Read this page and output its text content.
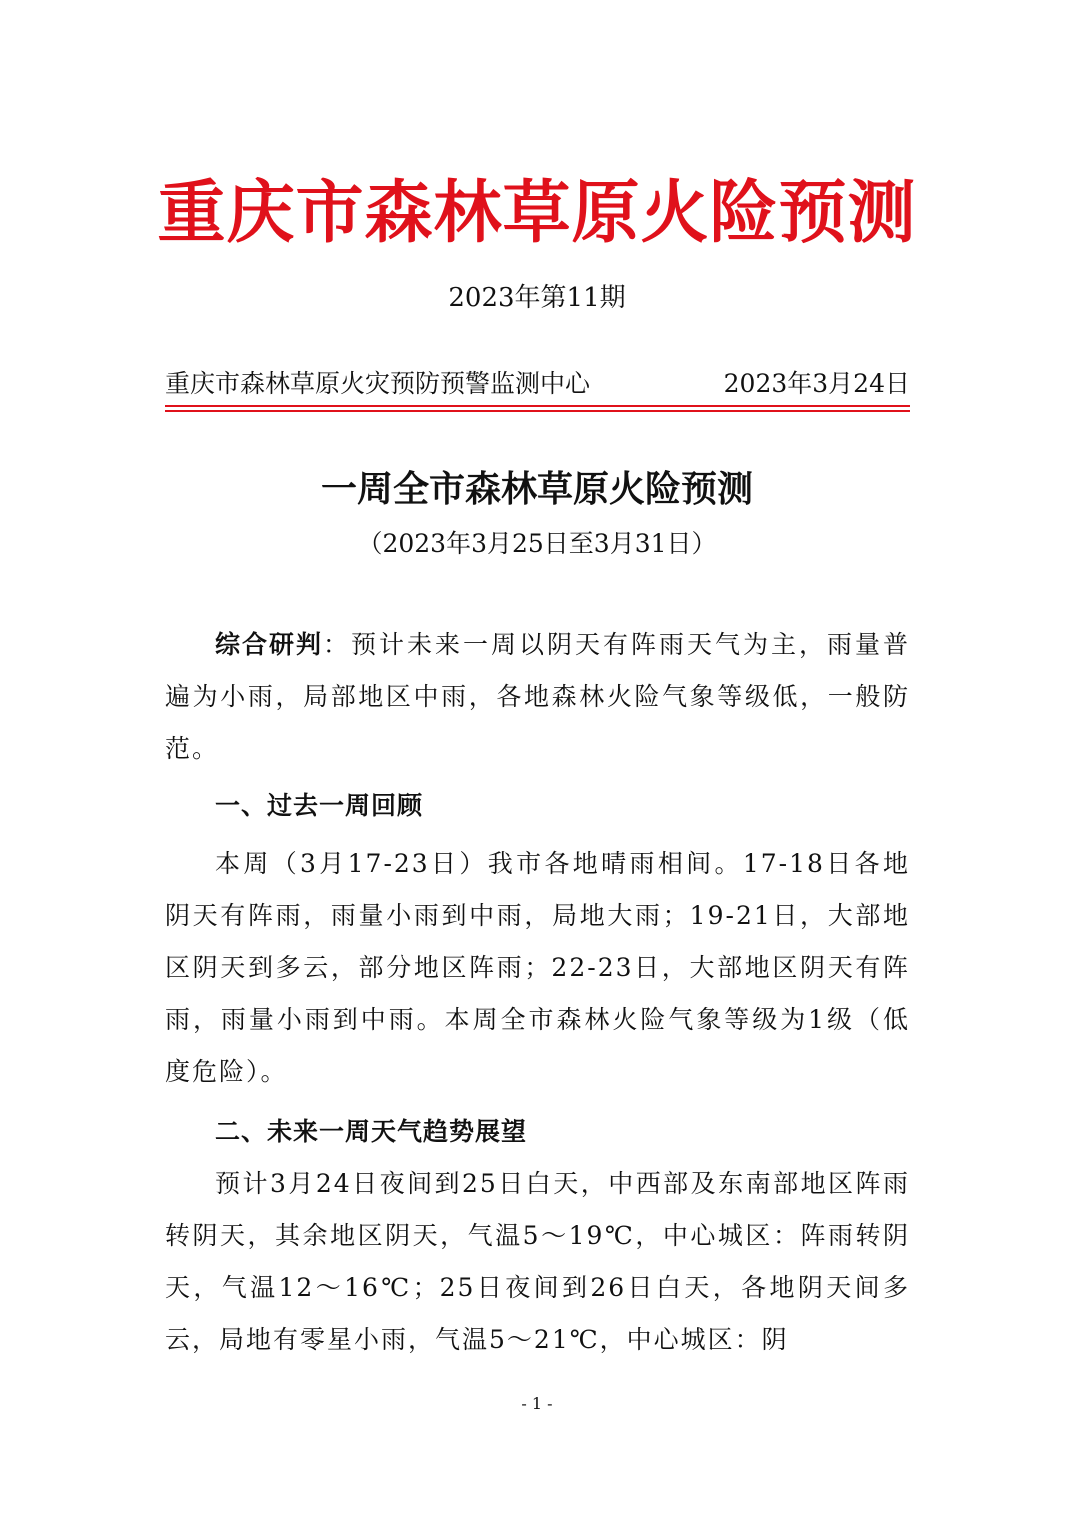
重庆市森林草原火险预测
2023年第11期
重庆市森林草原火灾预防预警监测中心	2023年3月24日
一周全市森林草原火险预测
（2023年3月25日至3月31日）

综合研判：预计未来一周以阴天有阵雨天气为主，雨量普遍为小雨，局部地区中雨，各地森林火险气象等级低，一般防范。

一、过去一周回顾

本周（3月17-23日）我市各地晴雨相间。17-18日各地阴天有阵雨，雨量小雨到中雨，局地大雨；19-21日，大部地区阴天到多云，部分地区阵雨；22-23日，大部地区阴天有阵雨，雨量小雨到中雨。本周全市森林火险气象等级为1级（低度危险）。

二、未来一周天气趋势展望

预计3月24日夜间到25日白天，中西部及东南部地区阵雨转阴天，其余地区阴天，气温5～19℃，中心城区：阵雨转阴天，气温12～16℃；25日夜间到26日白天，各地阴天间多云，局地有零星小雨，气温5～21℃，中心城区：阴

- 1 -
